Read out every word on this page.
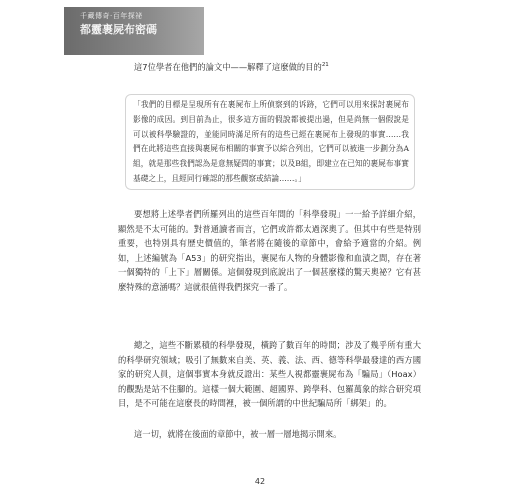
千藏傳奇‧百年探祕
都靈裹屍布密碼
這7位學者在他們的論文中——解釋了這麼做的目的$^{21}$
「我們的目標是呈現所有在裹屍布上所偵察到的诉跡，它們可以用來探討裹屍布影像的成因。到目前為止，很多這方面的假說都被提出過，但是尚無一個假說是可以被科學驗證的，並能同時滿足所有的這些已經在裹屍布上發現的事實……我們在此將這些直接與裹屍布相關的事實予以綜合列出，它們可以被進一步劃分為A組，就是那些我們認為是意無疑問的事實；以及B組，即建立在已知的裹屍布事實基礎之上，且經同行確認的那些觀察或結論……。」
要想將上述學者們所羅列出的這些百年間的「科學發現」一一給予詳細介紹，顯然是不太可能的。對普通讀者而言，它們或許都太過深奧了。但其中有些是特別重要，也特別具有歷史價值的，筆者將在隨後的章節中，會給予適當的介紹。例如，上述編號為「A53」的研究指出，裹屍布人物的身體影像和血漬之間，存在著一個獨特的「上下」層關係。這個發現到底說出了一個甚麼樣的驚天奧祕？它有甚麼特殊的意涵嗎？這就很值得我們探究一番了。
總之，這些不斷累積的科學發現，橫跨了數百年的時間；涉及了幾乎所有重大的科學研究領域；吸引了無數來自美、英、義、法、西、德等科學最發達的西方國家的研究人員，這個事實本身就反證出：某些人視都靈裹屍布為「騙局」（Hoax）的觀點是站不住腳的。這樣一個大範圍、超國界、跨學科、包羅萬象的綜合研究項目，是不可能在這麼長的時間裡，被一個所謂的中世紀騙局所「綁架」的。
這一切，就將在後面的章節中，被一層一層地揭示開來。
42
